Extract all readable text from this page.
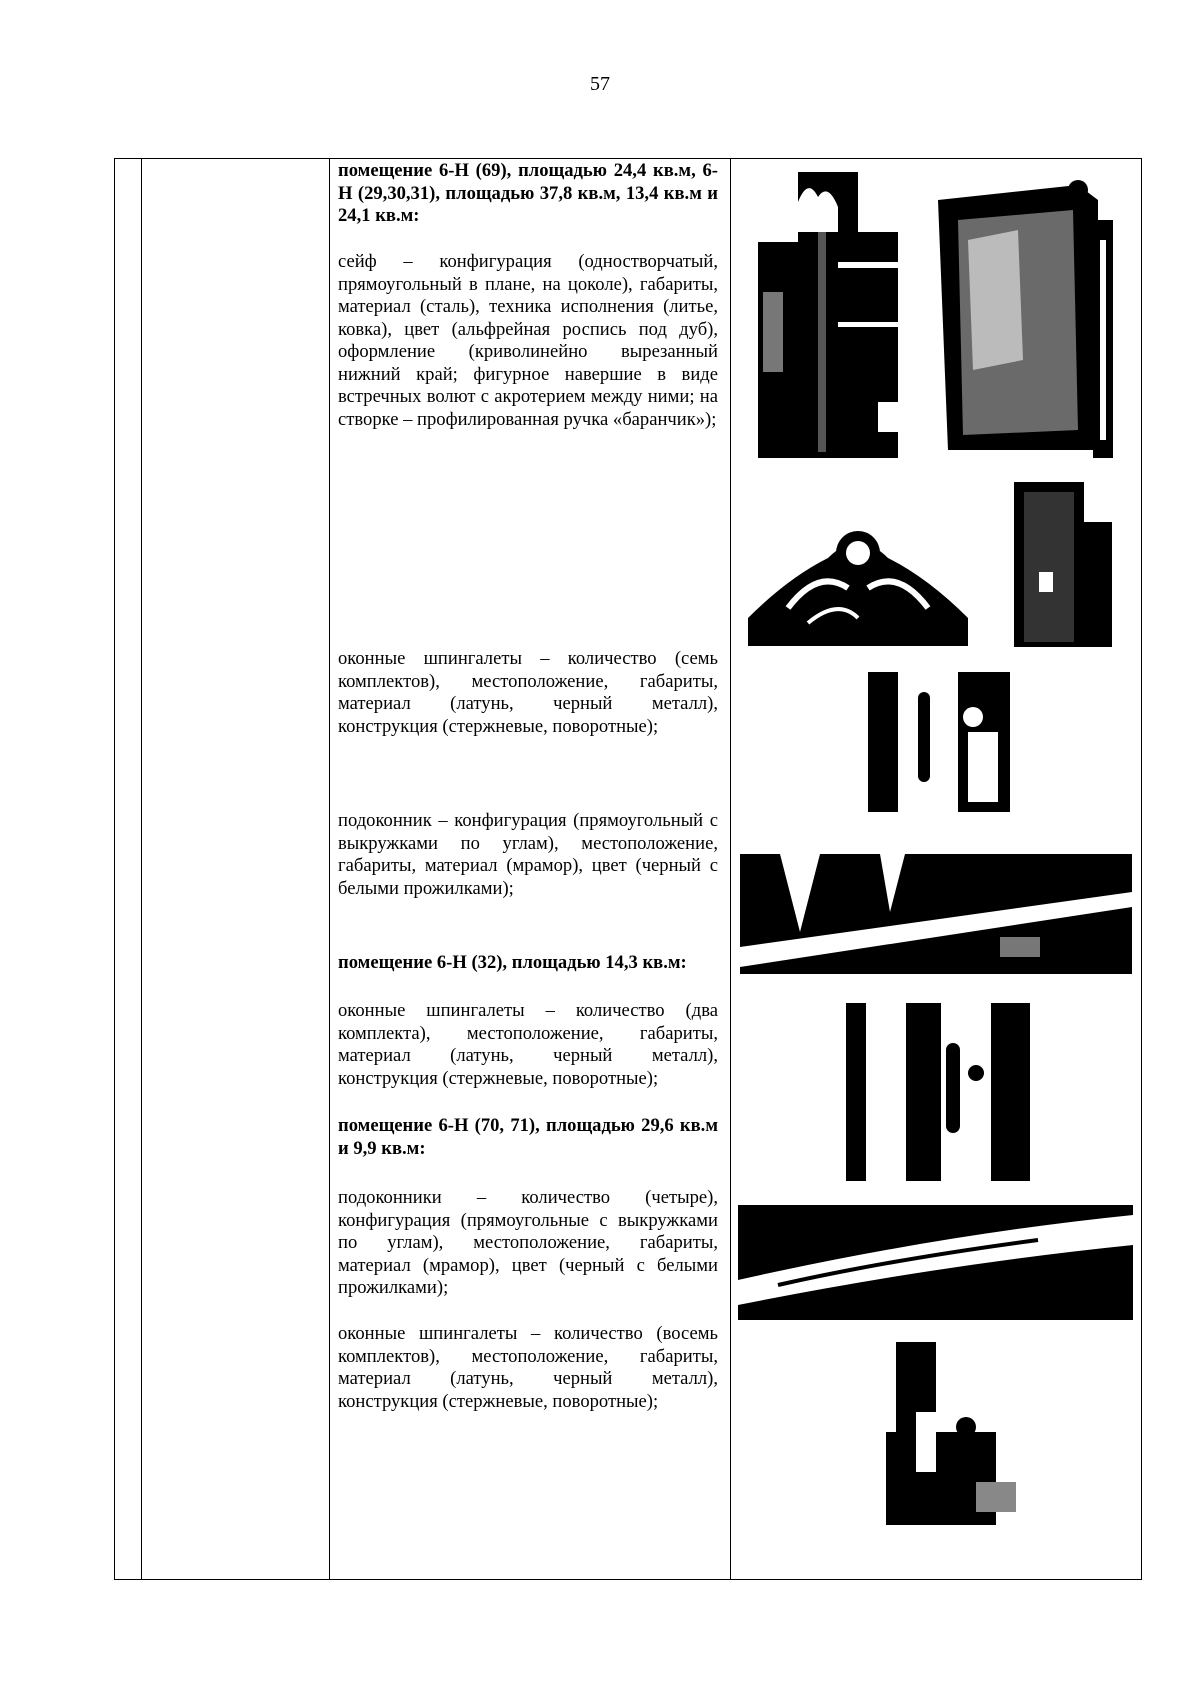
57

помещение 6-Н (69), площадью 24,4 кв.м, 6-Н (29,30,31), площадью 37,8 кв.м, 13,4 кв.м и 24,1 кв.м:

сейф – конфигурация (одностворчатый, прямоугольный в плане, на цоколе), габариты, материал (сталь), техника исполнения (литье, ковка), цвет (альфрейная роспись под дуб), оформление (криволинейно вырезанный нижний край; фигурное навершие в виде встречных волют с акротерием между ними; на створке – профилированная ручка «баранчик»);

оконные шпингалеты – количество (семь комплектов), местоположение, габариты, материал (латунь, черный металл), конструкция (стержневые, поворотные);

подоконник – конфигурация (прямоугольный с выкружками по углам), местоположение, габариты, материал (мрамор), цвет (черный с белыми прожилками);

помещение 6-Н (32), площадью 14,3 кв.м:

оконные шпингалеты – количество (два комплекта), местоположение, габариты, материал (латунь, черный металл), конструкция (стержневые, поворотные);

помещение 6-Н (70, 71), площадью 29,6 кв.м и 9,9 кв.м:

подоконники – количество (четыре), конфигурация (прямоугольные с выкружками по углам), местоположение, габариты, материал (мрамор), цвет (черный с белыми прожилками);

оконные шпингалеты – количество (восемь комплектов), местоположение, габариты, материал (латунь, черный металл), конструкция (стержневые, поворотные);
